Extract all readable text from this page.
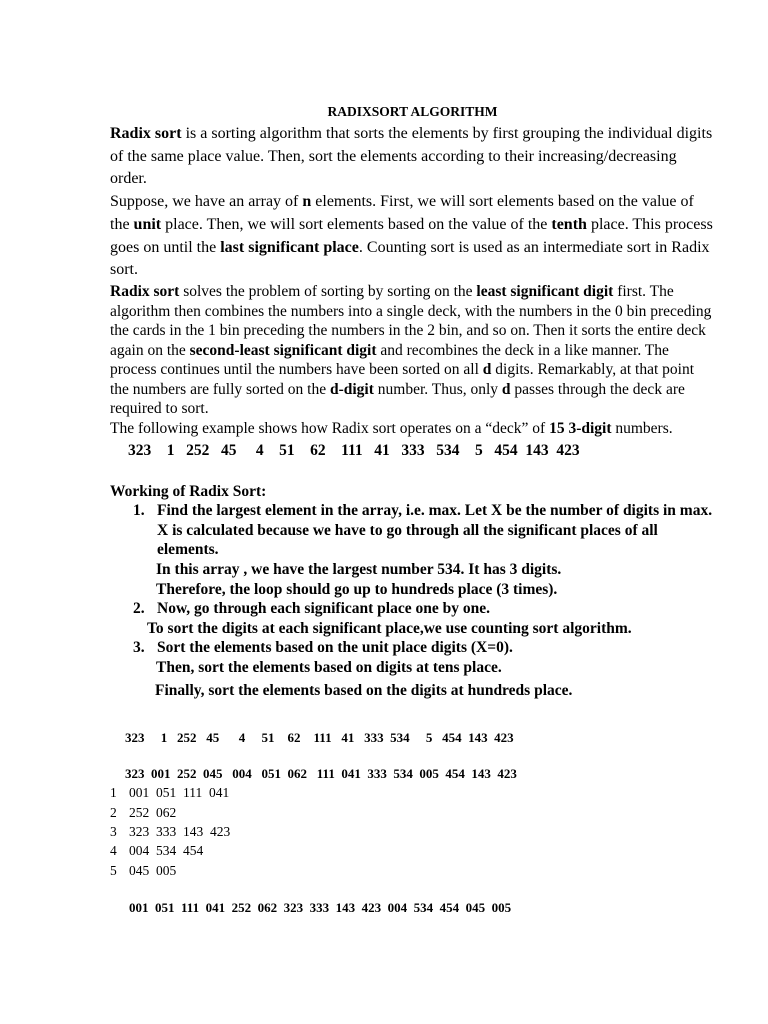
RADIXSORT ALGORITHM

Radix sort is a sorting algorithm that sorts the elements by first grouping the individual digits of the same place value. Then, sort the elements according to their increasing/decreasing order.

Suppose, we have an array of n elements. First, we will sort elements based on the value of the unit place. Then, we will sort elements based on the value of the tenth place. This process goes on until the last significant place. Counting sort is used as an intermediate sort in Radix sort.

Radix sort solves the problem of sorting by sorting on the least significant digit first. The algorithm then combines the numbers into a single deck, with the numbers in the 0 bin preceding the cards in the 1 bin preceding the numbers in the 2 bin, and so on. Then it sorts the entire deck again on the second-least significant digit and recombines the deck in a like manner. The process continues until the numbers have been sorted on all d digits. Remarkably, at that point the numbers are fully sorted on the d-digit number. Thus, only d passes through the deck are required to sort.

The following example shows how Radix sort operates on a “deck” of 15 3-digit numbers.

323    1   252   45     4    51    62    111   41   333   534    5   454  143  423

Working of Radix Sort:

1. Find the largest element in the array, i.e. max. Let X be the number of digits in max. X is calculated because we have to go through all the significant places of all elements.
In this array , we have the largest number 534. It has 3 digits.
Therefore, the loop should go up to hundreds place (3 times).
2. Now, go through each significant place one by one.
To sort the digits at each significant place,we use counting sort algorithm.
3. Sort the elements based on the unit place digits (X=0).
Then, sort the elements based on digits at tens place.
Finally, sort the elements based on the digits at hundreds place.

323     1   252   45      4     51    62    111   41   333  534     5   454  143  423

323  001  252  045   004   051  062   111  041  333  534  005  454  143  423

1 001  051  111  041
2 252  062
3 323  333  143  423
4 004  534  454
5 045  005

001  051  111  041  252  062  323  333  143  423  004  534  454  045  005
